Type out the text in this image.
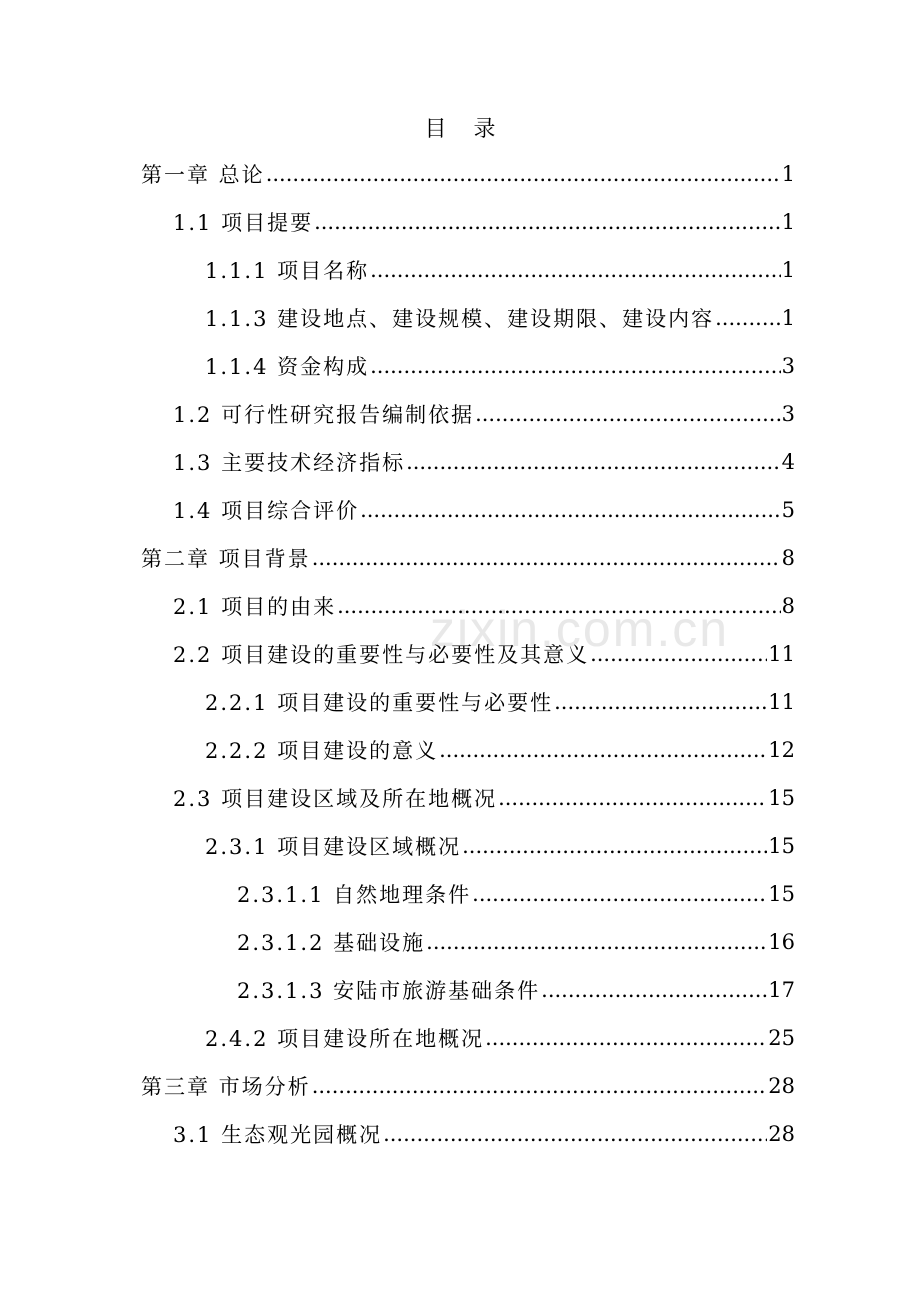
zixin.com.cn
目 录
第一章 总论 .....	1
1.1 项目提要 .....	1
1.1.1 项目名称 .....	1
1.1.3 建设地点、建设规模、建设期限、建设内容 .....	1
1.1.4 资金构成 .....	3
1.2 可行性研究报告编制依据 .....	3
1.3 主要技术经济指标 .....	4
1.4 项目综合评价 .....	5
第二章 项目背景 .....	8
2.1 项目的由来 .....	8
2.2 项目建设的重要性与必要性及其意义 .....	11
2.2.1 项目建设的重要性与必要性 .....	11
2.2.2 项目建设的意义 .....	12
2.3 项目建设区域及所在地概况 .....	15
2.3.1 项目建设区域概况 .....	15
2.3.1.1 自然地理条件 .....	15
2.3.1.2 基础设施 .....	16
2.3.1.3 安陆市旅游基础条件 .....	17
2.4.2 项目建设所在地概况 .....	25
第三章 市场分析 .....	28
3.1 生态观光园概况 .....	28
